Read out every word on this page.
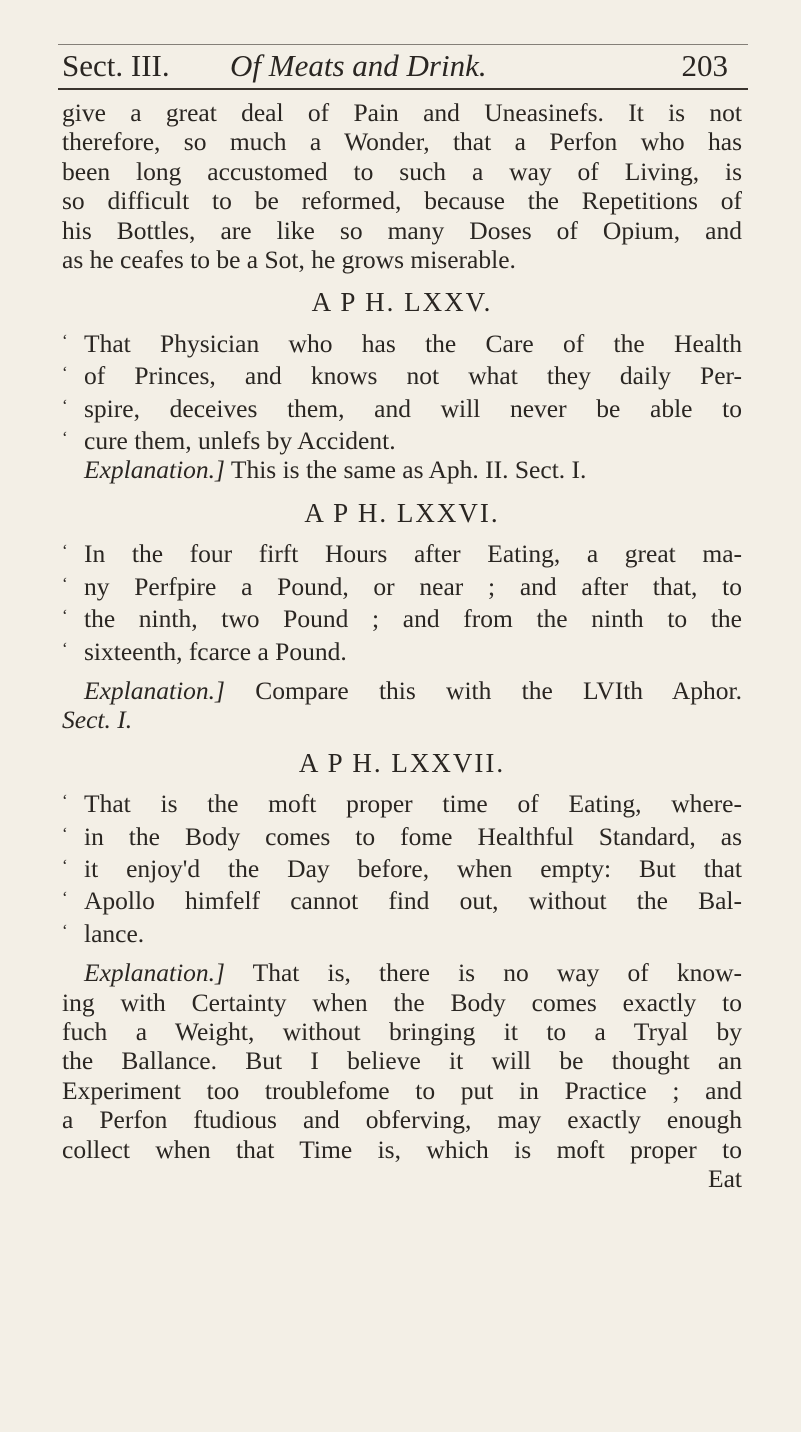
Sect. III. Of Meats and Drink.	203
give a great deal of Pain and Uneasinefs. It is not
therefore, so much a Wonder, that a Perfon who has
been long accustomed to such a way of Living, is
so difficult to be reformed, because the Repetitions of
his Bottles, are like so many Doses of Opium, and
as he ceafes to be a Sot, he grows miserable.
A P H. LXXV.
‘ That Physician who has the Care of the Health
‘ of Princes, and knows not what they daily Per-
‘ spire, deceives them, and will never be able to
‘ cure them, unlefs by Accident.
Explanation.] This is the same as Aph. II. Sect. I.
A P H. LXXVI.
‘ In the four firft Hours after Eating, a great ma-
‘ ny Perfpire a Pound, or near ; and after that, to
‘ the ninth, two Pound ; and from the ninth to the
‘ sixteenth, fcarce a Pound.
Explanation.] Compare this with the LVIth Aphor.
Sect. I.
A P H. LXXVII.
‘ That is the moft proper time of Eating, where-
‘ in the Body comes to fome Healthful Standard, as
‘ it enjoy'd the Day before, when empty: But that
‘ Apollo himfelf cannot find out, without the Bal-
‘ lance.
Explanation.] That is, there is no way of know-
ing with Certainty when the Body comes exactly to
fuch a Weight, without bringing it to a Tryal by
the Ballance. But I believe it will be thought an
Experiment too troublefome to put in Practice ; and
a Perfon ftudious and obferving, may exactly enough
collect when that Time is, which is moft proper to
Eat
